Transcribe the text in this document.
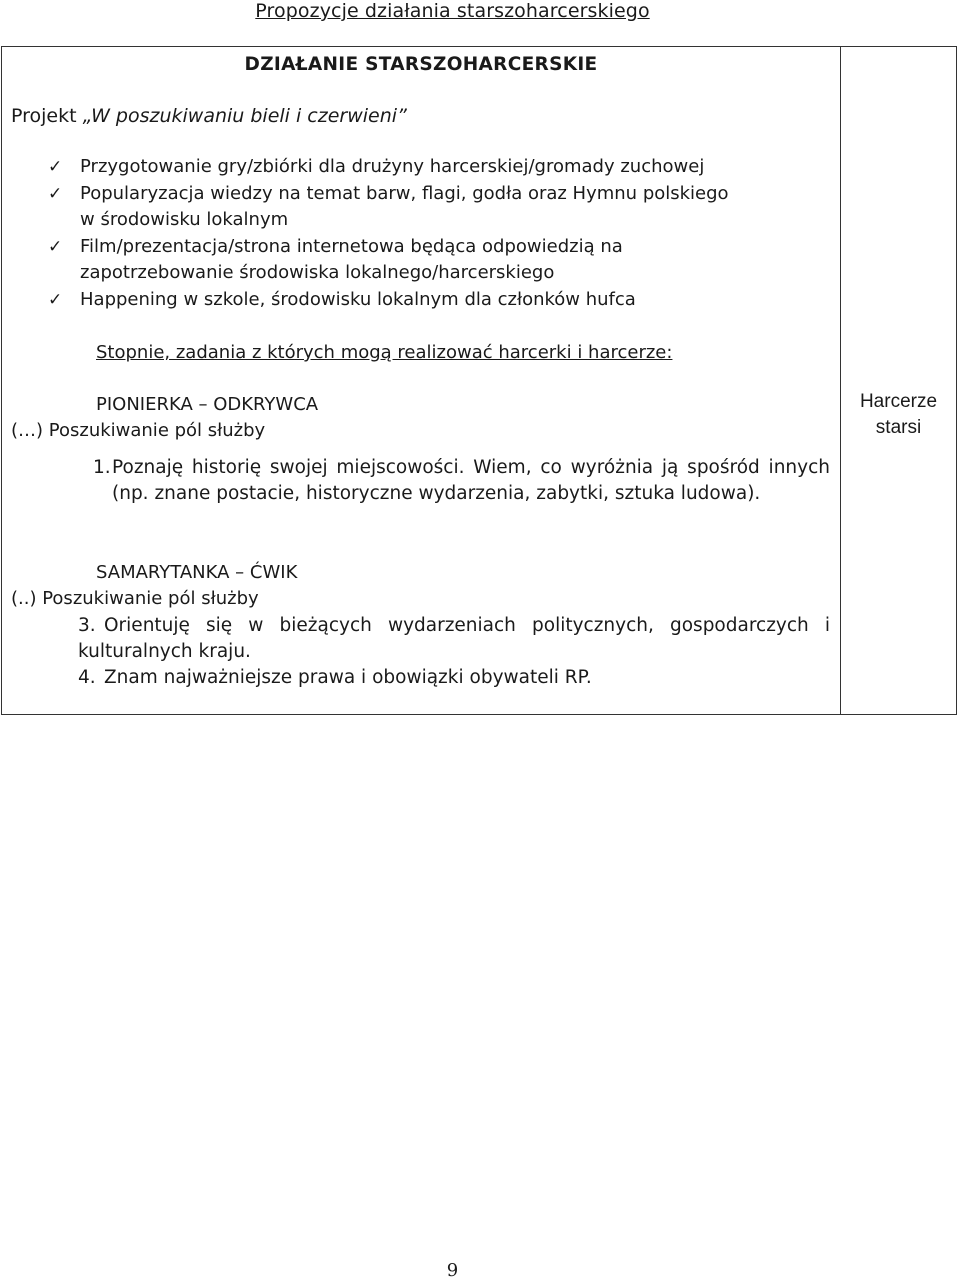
Propozycje działania starszoharcerskiego
DZIAŁANIE STARSZOHARCERSKIE
Projekt „W poszukiwaniu bieli i czerwieni”
✓ Przygotowanie gry/zbiórki dla drużyny harcerskiej/gromady zuchowej
✓ Popularyzacja wiedzy na temat barw, flagi, godła oraz Hymnu polskiego
w środowisku lokalnym
✓ Film/prezentacja/strona internetowa będąca odpowiedzią na
zapotrzebowanie środowiska lokalnego/harcerskiego
✓ Happening w szkole, środowisku lokalnym dla członków hufca
Stopnie, zadania z których mogą realizować harcerki i harcerze:
PIONIERKA – ODKRYWCA
(…) Poszukiwanie pól służby
1. Poznaję historię swojej miejscowości. Wiem, co wyróżnia ją spośród innych (np. znane postacie, historyczne wydarzenia, zabytki, sztuka ludowa).
SAMARYTANKA – ĆWIK
(..) Poszukiwanie pól służby
3. Orientuję się w bieżących wydarzeniach politycznych, gospodarczych i kulturalnych kraju.
4. Znam najważniejsze prawa i obowiązki obywateli RP.
Harcerze
starsi
9
